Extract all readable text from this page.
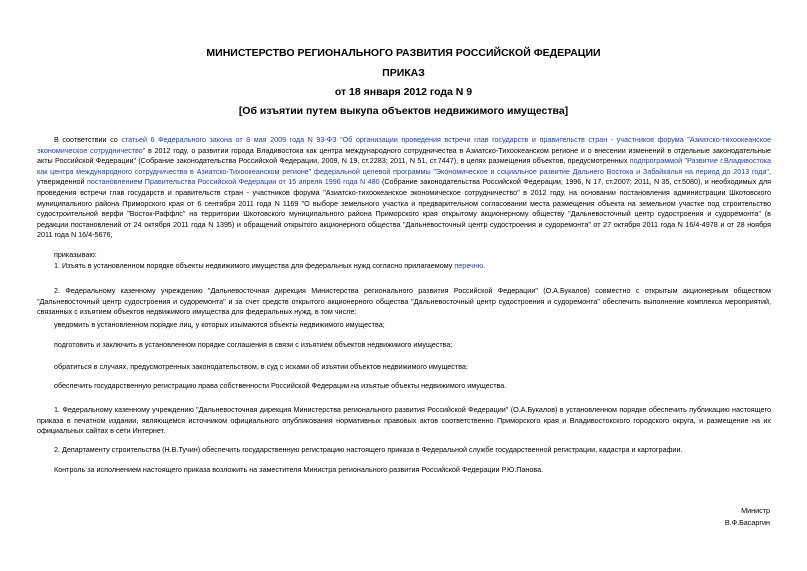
МИНИСТЕРСТВО РЕГИОНАЛЬНОГО РАЗВИТИЯ РОССИЙСКОЙ ФЕДЕРАЦИИ
ПРИКАЗ
от 18 января 2012 года N 9
[Об изъятии путем выкупа объектов недвижимого имущества]
В соответствии со статьей 6 Федерального закона от 8 мая 2009 года N 93-ФЗ "Об организации проведения встречи глав государств и правительств стран - участников форума "Азиатско-тихоокеанское экономическое сотрудничество" в 2012 году, о развитии города Владивостока как центра международного сотрудничества в Азиатско-Тихоокеанском регионе и о внесении изменений в отдельные законодательные акты Российской Федерации" (Собрание законодательства Российской Федерации, 2009, N 19, ст.2283; 2011, N 51, ст.7447), в целях размещения объектов, предусмотренных подпрограммой "Развитие г.Владивостока как центра международного сотрудничества в Азиатско-Тихоокеанском регионе" федеральной целевой программы "Экономическое и социальное развитие Дальнего Востока и Забайкалья на период до 2013 года", утвержденной постановлением Правительства Российской Федерации от 15 апреля 1996 года N 480 (Собрание законодательства Российской Федерации, 1996, N 17, ст.2007; 2011, N 35, ст.5080), и необходимых для проведения встречи глав государств и правительств стран - участников форума "Азиатско-тихоокеанское экономическое сотрудничество" в 2012 году, на основании постановления администрации Шкотовского муниципального района Приморского края от 6 сентября 2011 года N 1169 "О выборе земельного участка и предварительном согласовании места размещения объекта на земельном участке под строительство судостроительной верфи "Восток-Раффлс" на территории Шкотовского муниципального района Приморского края открытому акционерному обществу "Дальневосточный центр судостроения и судоремонта" (в редакции постановлений от 24 октября 2011 года N 1395) и обращений открытого акционерного общества "Дальневосточный центр судостроения и судоремонта" от 27 октября 2011 года N 16/4-4978 и от 28 ноября 2011 года N 16/4-5676,
приказываю:
1. Изъять в установленном порядке объекты недвижимого имущества для федеральных нужд согласно прилагаемому перечню.
2. Федеральному казенному учреждению "Дальневосточная дирекция Министерства регионального развития Российской Федерации" (О.А.Букалов) совместно с открытым акционерным обществом "Дальневосточный центр судостроения и судоремонта" и за счет средств открытого акционерного общества "Дальневосточный центр судостроения и судоремонта" обеспечить выполнение комплекса мероприятий, связанных с изъятием объектов недвижимого имущества для федеральных нужд, в том числе:
уведомить в установленном порядке лиц, у которых изымаются объекты недвижимого имущества;
подготовить и заключить в установленном порядке соглашения в связи с изъятием объектов недвижимого имущества;
обратиться в случаях, предусмотренных законодательством, в суд с исками об изъятии объектов недвижимого имущества;
обеспечить государственную регистрацию права собственности Российской Федерации на изъятые объекты недвижимого имущества.
1. Федеральному казенному учреждению "Дальневосточная дирекция Министерства регионального развития Российской Федерации" (О.А.Букалов) в установленном порядке обеспечить публикацию настоящего приказа в печатном издании, являющемся источником официального опубликования нормативных правовых актов соответственно Приморского края и Владивостокского городского округа, и размещение на их официальных сайтах в сети Интернет.
2. Департаменту строительства (Н.В.Тучин) обеспечить государственную регистрацию настоящего приказа в Федеральной службе государственной регистрации, кадастра и картографии.
Контроль за исполнением настоящего приказа возложить на заместителя Министра регионального развития Российской Федерации Р.Ю.Панова.
Министр
В.Ф.Басаргин
